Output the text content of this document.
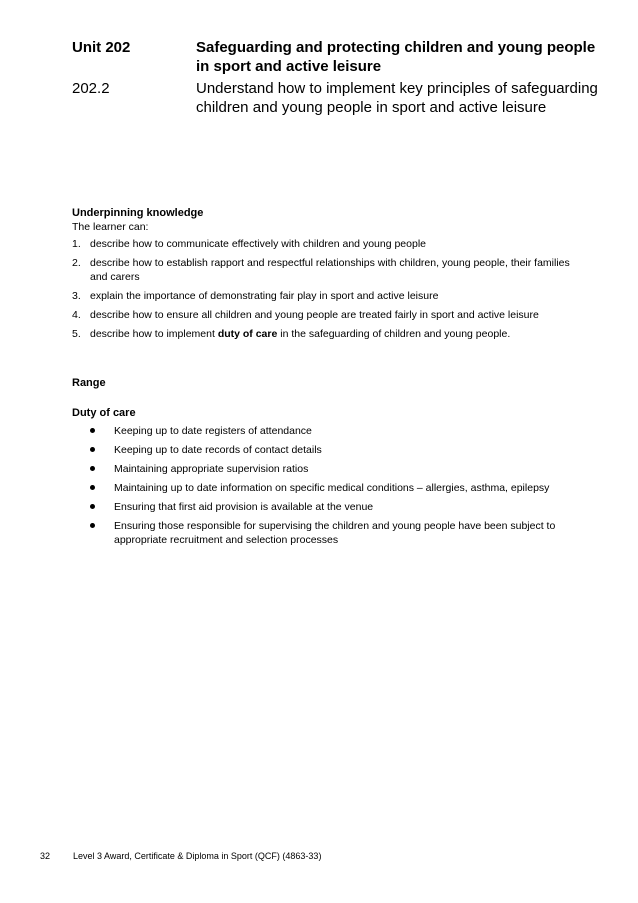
Unit 202	Safeguarding and protecting children and young people in sport and active leisure
202.2	Understand how to implement key principles of safeguarding children and young people in sport and active leisure
Underpinning knowledge
The learner can:
1. describe how to communicate effectively with children and young people
2. describe how to establish rapport and respectful relationships with children, young people, their families and carers
3. explain the importance of demonstrating fair play in sport and active leisure
4. describe how to ensure all children and young people are treated fairly in sport and active leisure
5. describe how to implement duty of care in the safeguarding of children and young people.
Range
Duty of care
Keeping up to date registers of attendance
Keeping up to date records of contact details
Maintaining appropriate supervision ratios
Maintaining up to date information on specific medical conditions – allergies, asthma, epilepsy
Ensuring that first aid provision is available at the venue
Ensuring those responsible for supervising the children and young people have been subject to appropriate recruitment and selection processes
32	Level 3 Award, Certificate & Diploma in Sport (QCF) (4863-33)
